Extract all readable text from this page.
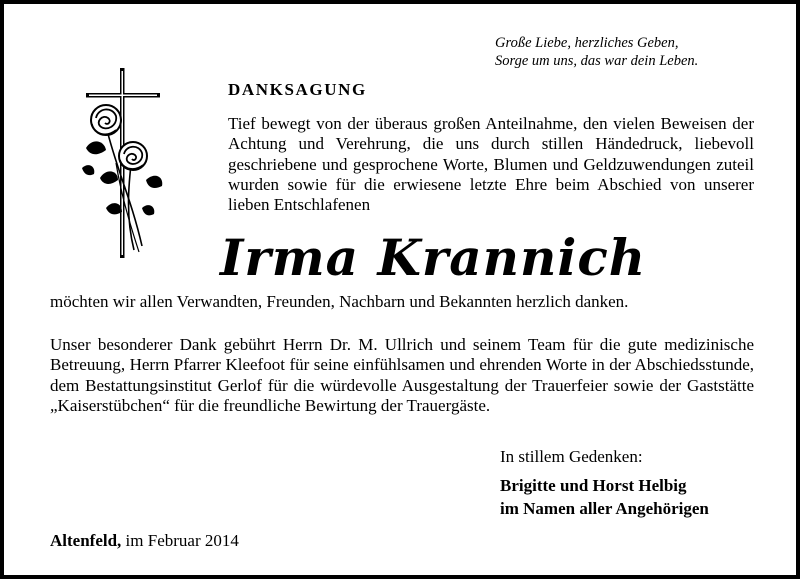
Große Liebe, herzliches Geben,
Sorge um uns, das war dein Leben.
DANKSAGUNG
Tief bewegt von der überaus großen Anteilnahme, den vielen Beweisen der Achtung und Verehrung, die uns durch stillen Händedruck, liebevoll geschriebene und gesprochene Worte, Blumen und Geldzuwendungen zuteil wurden sowie für die erwiesene letzte Ehre beim Abschied von unserer lieben Entschlafenen
Irma Krannich
möchten wir allen Verwandten, Freunden, Nachbarn und Bekannten herzlich danken.
Unser besonderer Dank gebührt Herrn Dr. M. Ullrich und seinem Team für die gute medizinische Betreuung, Herrn Pfarrer Kleefoot für seine einfühlsamen und ehrenden Worte in der Abschiedsstunde, dem Bestattungsinstitut Gerlof für die würdevolle Ausgestaltung der Trauerfeier sowie der Gaststätte „Kaiserstübchen“ für die freundliche Bewirtung der Trauergäste.
In stillem Gedenken:
Brigitte und Horst Helbig
im Namen aller Angehörigen
Altenfeld, im Februar 2014
